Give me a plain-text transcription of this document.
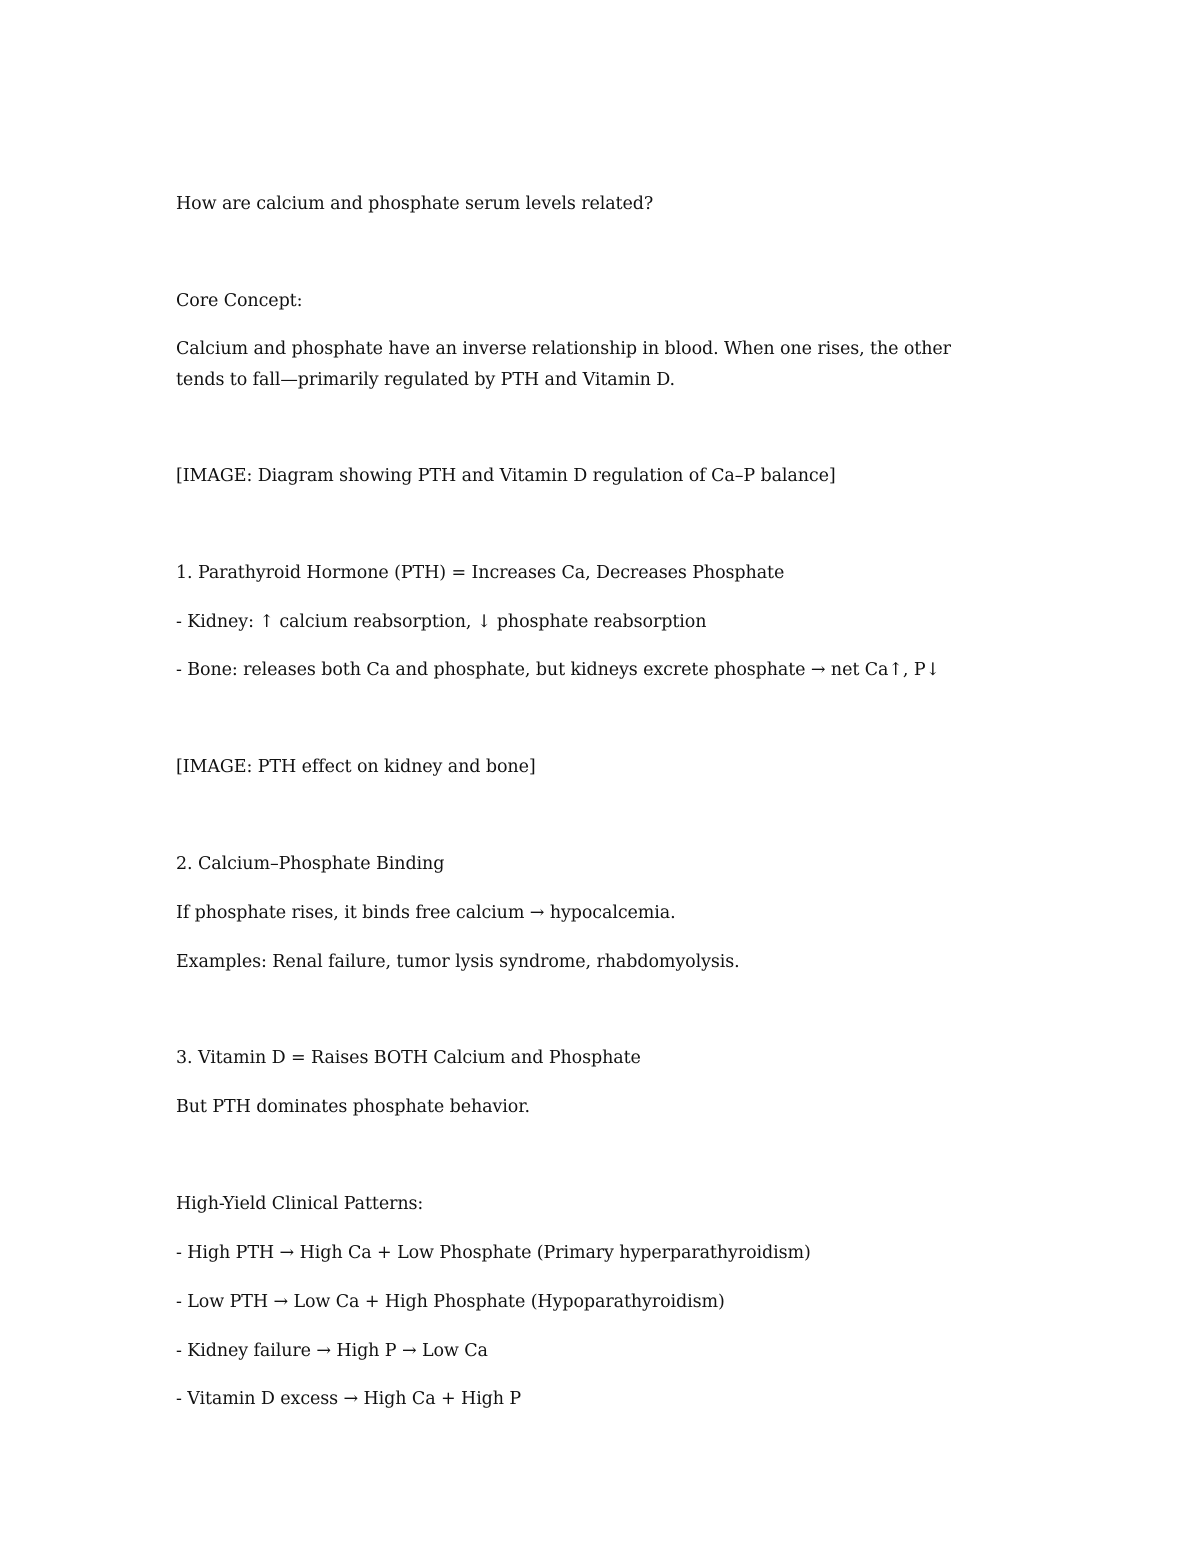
How are calcium and phosphate serum levels related?
Core Concept:
Calcium and phosphate have an inverse relationship in blood. When one rises, the other
tends to fall—primarily regulated by PTH and Vitamin D.
[IMAGE: Diagram showing PTH and Vitamin D regulation of Ca–P balance]
1. Parathyroid Hormone (PTH) = Increases Ca, Decreases Phosphate
- Kidney: ↑ calcium reabsorption, ↓ phosphate reabsorption
- Bone: releases both Ca and phosphate, but kidneys excrete phosphate → net Ca↑, P↓
[IMAGE: PTH effect on kidney and bone]
2. Calcium–Phosphate Binding
If phosphate rises, it binds free calcium → hypocalcemia.
Examples: Renal failure, tumor lysis syndrome, rhabdomyolysis.
3. Vitamin D = Raises BOTH Calcium and Phosphate
But PTH dominates phosphate behavior.
High-Yield Clinical Patterns:
- High PTH → High Ca + Low Phosphate (Primary hyperparathyroidism)
- Low PTH → Low Ca + High Phosphate (Hypoparathyroidism)
- Kidney failure → High P → Low Ca
- Vitamin D excess → High Ca + High P
